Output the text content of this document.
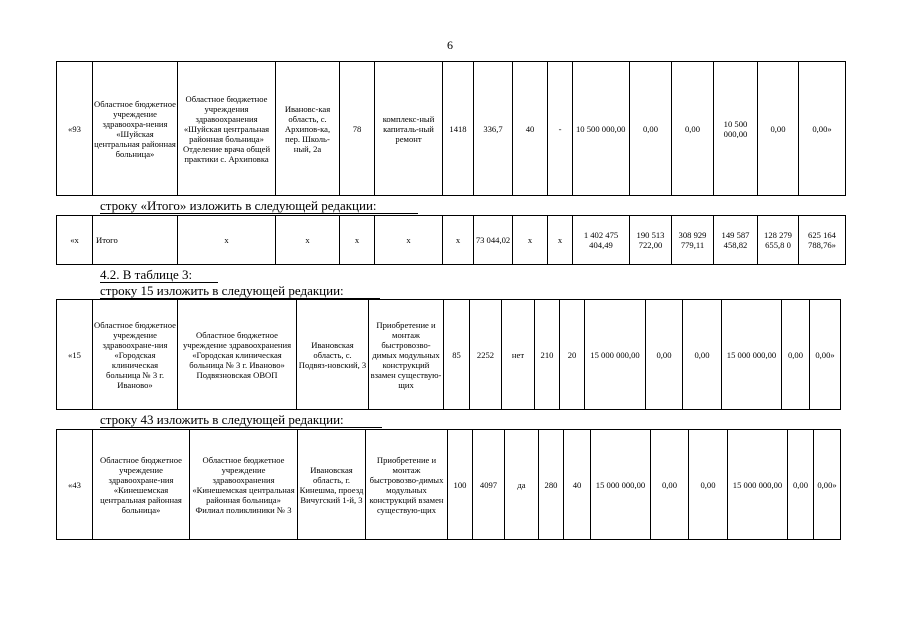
6
«93	Областное бюджетное учреждение здравоохра-нения «Шуйская центральная районная больница»	Областное бюджетное учреждения здравоохранения «Шуйская центральная районная больница» Отделение врача общей практики с. Архиповка	Ивановс-кая область, с. Архипов-ка, пер. Школь-ный, 2а	78	комплекс-ный капиталь-ный ремонт	1418	336,7	40	-	10 500 000,00	0,00	0,00	10 500 000,00	0,00	0,00»
строку «Итого» изложить в следующей редакции:
«х	Итого	х	х	х	х	х	73 044,02	х	х	1 402 475 404,49	190 513 722,00	308 929 779,11	149 587 458,82	128 279 655,8 0	625 164 788,76»
4.2. В таблице 3:
строку 15 изложить в следующей редакции:
«15	Областное бюджетное учреждение здравоохране-ния «Городская клиническая больница № 3 г. Иваново»	Областное бюджетное учреждение здравоохранения «Городская клиническая больница № 3 г. Иваново» Подвязновская ОВОП	Ивановская область, с. Подвяз-новский, 3	Приобретение и монтаж быстровозво-димых модульных конструкций взамен существую-щих	85	2252	нет	210	20	15 000 000,00	0,00	0,00	15 000 000,00	0,00	0,00»
строку 43 изложить в следующей редакции:
«43	Областное бюджетное учреждение здравоохране-ния «Кинешемская центральная районная больница»	Областное бюджетное учреждение здравоохранения «Кинешемская центральная районная больница» Филиал поликлиники № 3	Ивановская область, г. Кинешма, проезд Вичугский 1-й, 3	Приобретение и монтаж быстровозво-димых модульных конструкций взамен существую-щих	100	4097	да	280	40	15 000 000,00	0,00	0,00	15 000 000,00	0,00	0,00»
